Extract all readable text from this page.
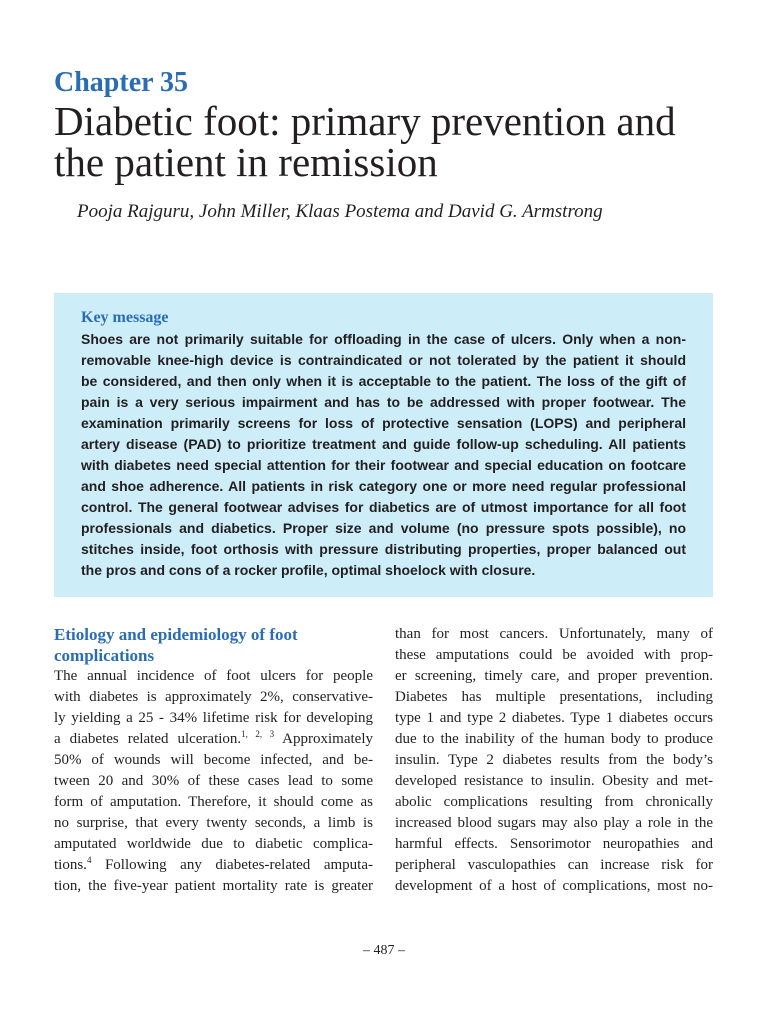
Chapter 35
Diabetic foot: primary prevention and
the patient in remission
Pooja Rajguru, John Miller, Klaas Postema and David G. Armstrong
Key message
Shoes are not primarily suitable for offloading in the case of ulcers. Only when a non-
removable knee-high device is contraindicated or not tolerated by the patient it should
be considered, and then only when it is acceptable to the patient. The loss of the gift of
pain is a very serious impairment and has to be addressed with proper footwear. The
examination primarily screens for loss of protective sensation (LOPS) and peripheral
artery disease (PAD) to prioritize treatment and guide follow-up scheduling. All patients
with diabetes need special attention for their footwear and special education on footcare
and shoe adherence. All patients in risk category one or more need regular professional
control. The general footwear advises for diabetics are of utmost importance for all foot
professionals and diabetics. Proper size and volume (no pressure spots possible), no
stitches inside, foot orthosis with pressure distributing properties, proper balanced out
the pros and cons of a rocker profile, optimal shoelock with closure.
Etiology and epidemiology of foot
complications
The annual incidence of foot ulcers for people
with diabetes is approximately 2%, conservative-
ly yielding a 25 - 34% lifetime risk for developing
a diabetes related ulceration.$^{1, 2, 3}$ Approximately
50% of wounds will become infected, and be-
tween 20 and 30% of these cases lead to some
form of amputation. Therefore, it should come as
no surprise, that every twenty seconds, a limb is
amputated worldwide due to diabetic complica-
tions.$^4$ Following any diabetes-related amputa-
tion, the five-year patient mortality rate is greater
than for most cancers. Unfortunately, many of
these amputations could be avoided with prop-
er screening, timely care, and proper prevention.
Diabetes has multiple presentations, including
type 1 and type 2 diabetes. Type 1 diabetes occurs
due to the inability of the human body to produce
insulin. Type 2 diabetes results from the body’s
developed resistance to insulin. Obesity and met-
abolic complications resulting from chronically
increased blood sugars may also play a role in the
harmful effects. Sensorimotor neuropathies and
peripheral vasculopathies can increase risk for
development of a host of complications, most no-
– 487 –
